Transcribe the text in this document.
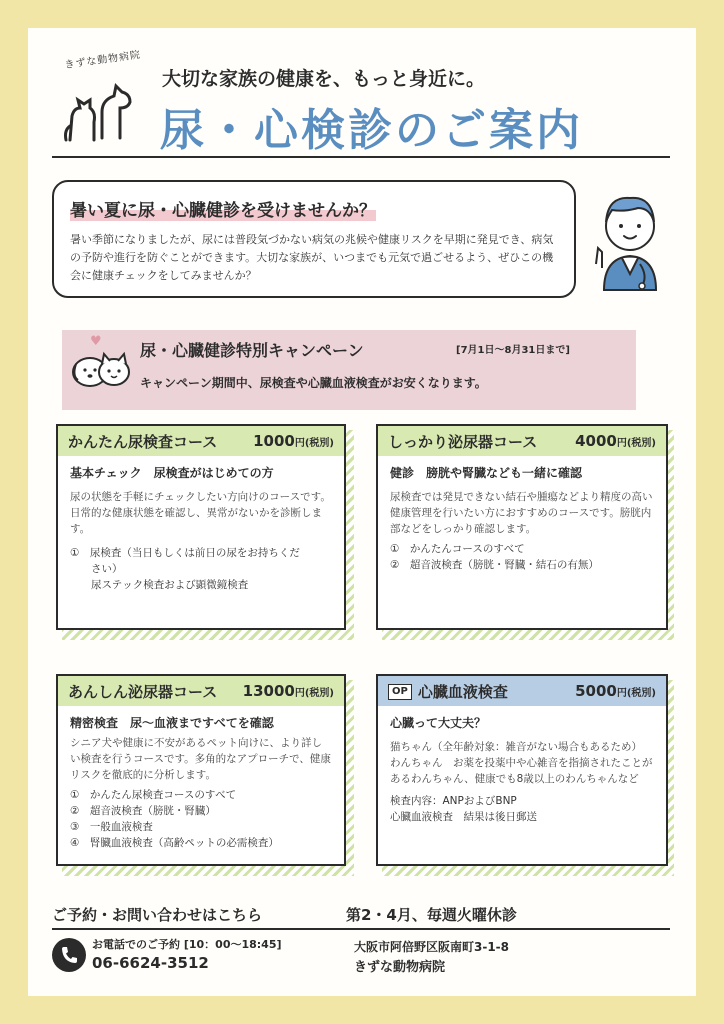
きずな動物病院
大切な家族の健康を、もっと身近に。
尿・心検診のご案内
暑い夏に尿・心臓健診を受けませんか？
暑い季節になりましたが、尿には普段気づかない病気の兆候や健康リスクを早期に発見でき、病気の予防や進行を防ぐことができます。大切な家族が、いつまでも元気で過ごせるよう、ぜひこの機会に健康チェックをしてみませんか？
♥ 尿・心臓健診特別キャンペーン	[7月1日～8月31日まで]
キャンペーン期間中、尿検査や心臓血液検査がお安くなります。
かんたん尿検査コース 1000円(税別)
基本チェック　尿検査がはじめての方
尿の状態を手軽にチェックしたい方向けのコースです。日常的な健康状態を確認し、異常がないかを診断します。
①　尿検査（当日もしくは前日の尿をお持ちくだ
　　さい）
　　尿ステック検査および顕微鏡検査
しっかり泌尿器コース	4000円(税別)
健診　膀胱や腎臓なども一緒に確認
尿検査では発見できない結石や腫瘍などより精度の高い健康管理を行いたい方におすすめのコースです。膀胱内部などをしっかり確認します。
①　かんたんコースのすべて
②　超音波検査（膀胱・腎臓・結石の有無）
あんしん泌尿器コース 13000円(税別)
精密検査　尿～血液まですべてを確認
シニア犬や健康に不安があるペット向けに、より詳しい検査を行うコースです。多角的なアプローチで、健康リスクを徹底的に分析します。
①　かんたん尿検査コースのすべて
②　超音波検査（膀胱・腎臓）
③　一般血液検査
④　腎臓血液検査（高齢ペットの必需検査）
OP 心臓血液検査	5000円(税別)
心臓って大丈夫？
猫ちゃん（全年齢対象：雑音がない場合もあるため）
わんちゃん　お薬を投薬中や心雑音を指摘されたことがあるわんちゃん、健康でも8歳以上のわんちゃんなど
検査内容：ANPおよびBNP
心臓血液検査　結果は後日郵送
ご予約・お問い合わせはこちら	第2・4月、毎週火曜休診
お電話でのご予約 [10：00～18:45]
06-6624-3512
大阪市阿倍野区阪南町3-1-8
きずな動物病院
